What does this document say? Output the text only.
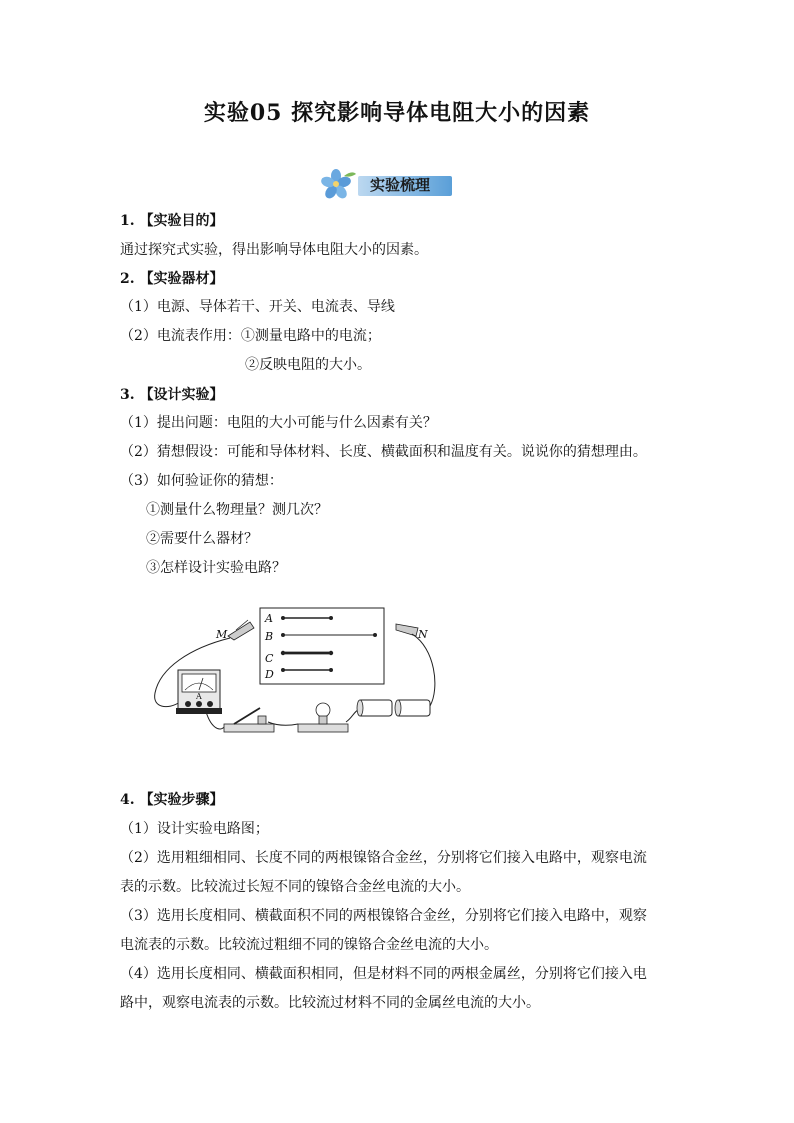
实验05 探究影响导体电阻大小的因素
实验梳理
1. 【实验目的】
通过探究式实验，得出影响导体电阻大小的因素。
2. 【实验器材】
（1）电源、导体若干、开关、电流表、导线
（2）电流表作用：①测量电路中的电流；
②反映电阻的大小。
3. 【设计实验】
（1）提出问题：电阻的大小可能与什么因素有关？
（2）猜想假设：可能和导体材料、长度、横截面积和温度有关。说说你的猜想理由。
（3）如何验证你的猜想：
①测量什么物理量？测几次？
②需要什么器材？
③怎样设计实验电路？
A
B
C
D
M	N
A
4. 【实验步骤】
（1）设计实验电路图；
（2）选用粗细相同、长度不同的两根镍铬合金丝，分别将它们接入电路中，观察电流
表的示数。比较流过长短不同的镍铬合金丝电流的大小。
（3）选用长度相同、横截面积不同的两根镍铬合金丝，分别将它们接入电路中，观察
电流表的示数。比较流过粗细不同的镍铬合金丝电流的大小。
（4）选用长度相同、横截面积相同，但是材料不同的两根金属丝，分别将它们接入电
路中，观察电流表的示数。比较流过材料不同的金属丝电流的大小。
